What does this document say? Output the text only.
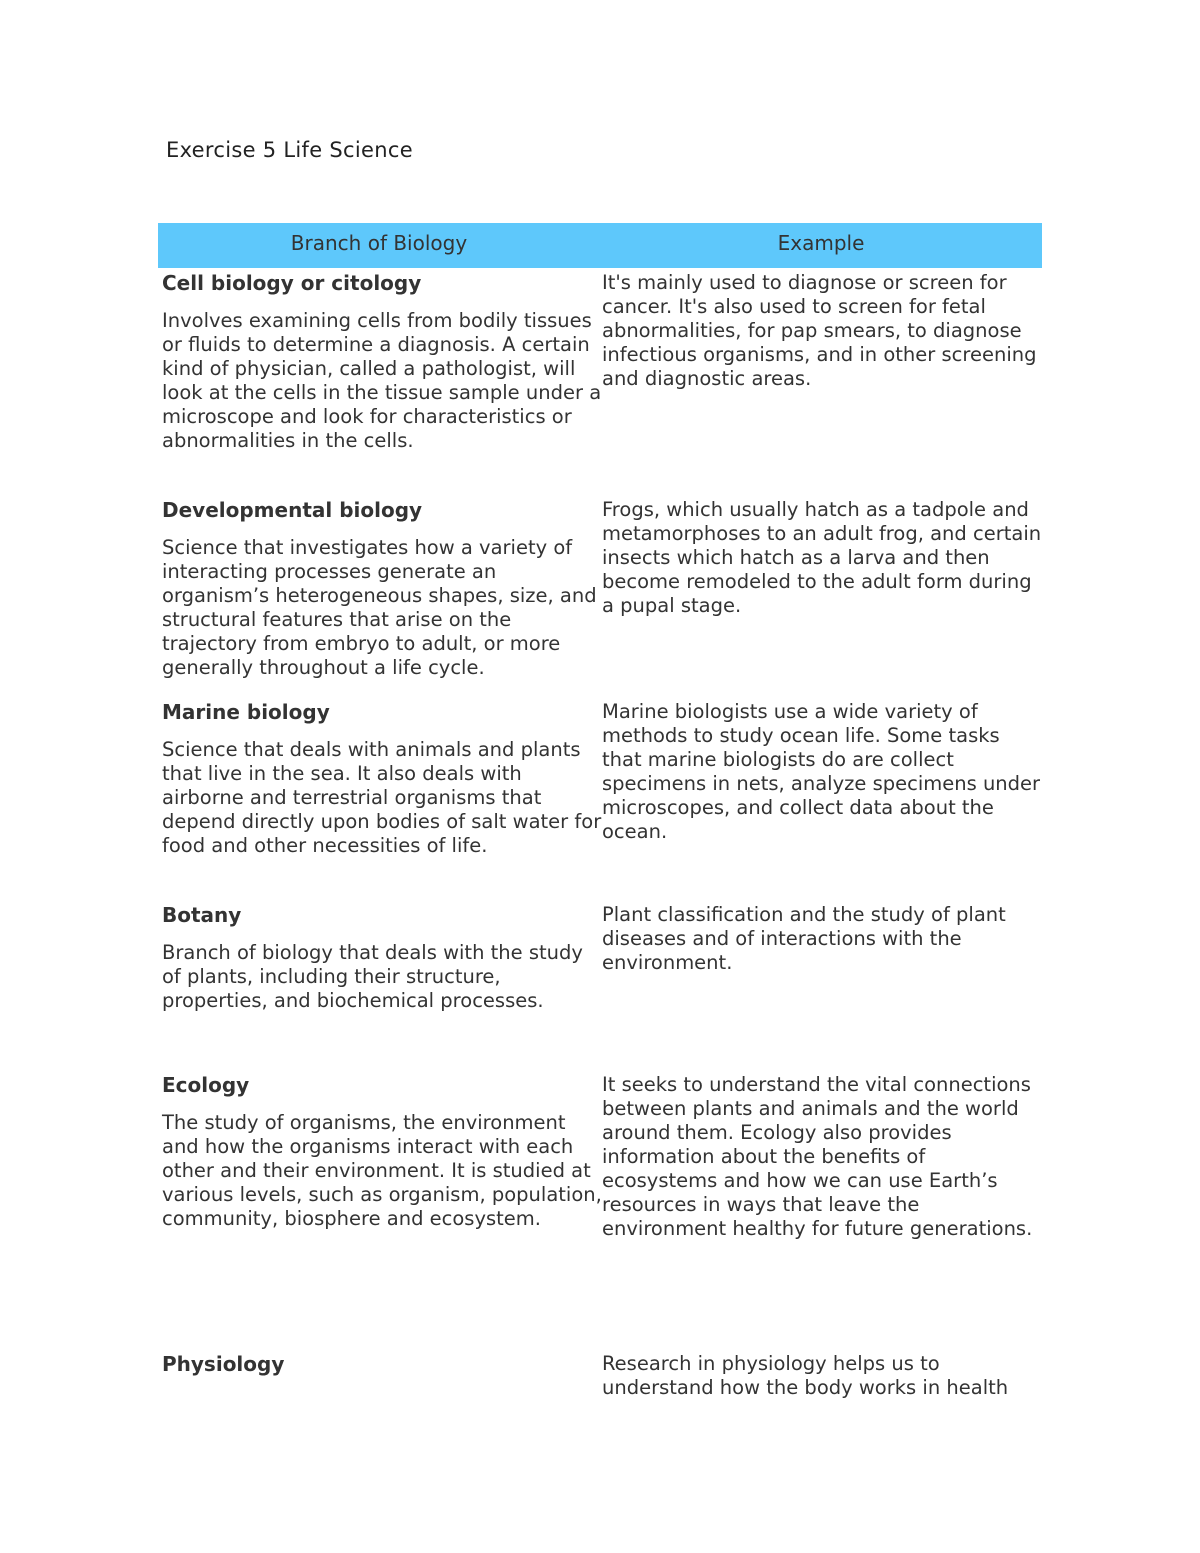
Exercise 5 Life Science
Branch of Biology	Example

Cell biology or citology

Involves examining cells from bodily tissues or fluids to determine a diagnosis. A certain kind of physician, called a pathologist, will look at the cells in the tissue sample under a microscope and look for characteristics or abnormalities in the cells.

It's mainly used to diagnose or screen for cancer. It's also used to screen for fetal abnormalities, for pap smears, to diagnose infectious organisms, and in other screening and diagnostic areas.

Developmental biology

Science that investigates how a variety of interacting processes generate an organism’s heterogeneous shapes, size, and structural features that arise on the trajectory from embryo to adult, or more generally throughout a life cycle.

Frogs, which usually hatch as a tadpole and metamorphoses to an adult frog, and certain insects which hatch as a larva and then become remodeled to the adult form during a pupal stage.

Marine biology

Science that deals with animals and plants that live in the sea. It also deals with airborne and terrestrial organisms that depend directly upon bodies of salt water for food and other necessities of life.

Marine biologists use a wide variety of methods to study ocean life. Some tasks that marine biologists do are collect specimens in nets, analyze specimens under microscopes, and collect data about the ocean.

Botany

Branch of biology that deals with the study of plants, including their structure, properties, and biochemical processes.

Plant classification and the study of plant diseases and of interactions with the environment.

Ecology

The study of organisms, the environment and how the organisms interact with each other and their environment. It is studied at various levels, such as organism, population, community, biosphere and ecosystem.

It seeks to understand the vital connections between plants and animals and the world around them. Ecology also provides information about the benefits of ecosystems and how we can use Earth’s resources in ways that leave the environment healthy for future generations.

Physiology	Research in physiology helps us to understand how the body works in health
